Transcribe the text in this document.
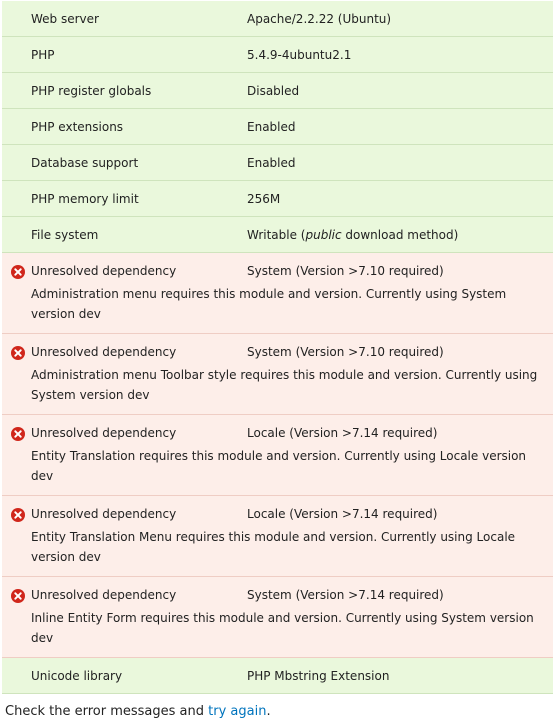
Web server	Apache/2.2.22 (Ubuntu)
PHP	5.4.9-4ubuntu2.1
PHP register globals	Disabled
PHP extensions	Enabled
Database support	Enabled
PHP memory limit	256M
File system	Writable (public download method)
Unresolved dependency	System (Version >7.10 required)
Administration menu requires this module and version. Currently using System version dev	
Unresolved dependency	System (Version >7.10 required)
Administration menu Toolbar style requires this module and version. Currently using System version dev	
Unresolved dependency	Locale (Version >7.14 required)
Entity Translation requires this module and version. Currently using Locale version dev	
Unresolved dependency	Locale (Version >7.14 required)
Entity Translation Menu requires this module and version. Currently using Locale version dev	
Unresolved dependency	System (Version >7.14 required)
Inline Entity Form requires this module and version. Currently using System version dev	
Unicode library	PHP Mbstring Extension
Check the error messages and try again.
